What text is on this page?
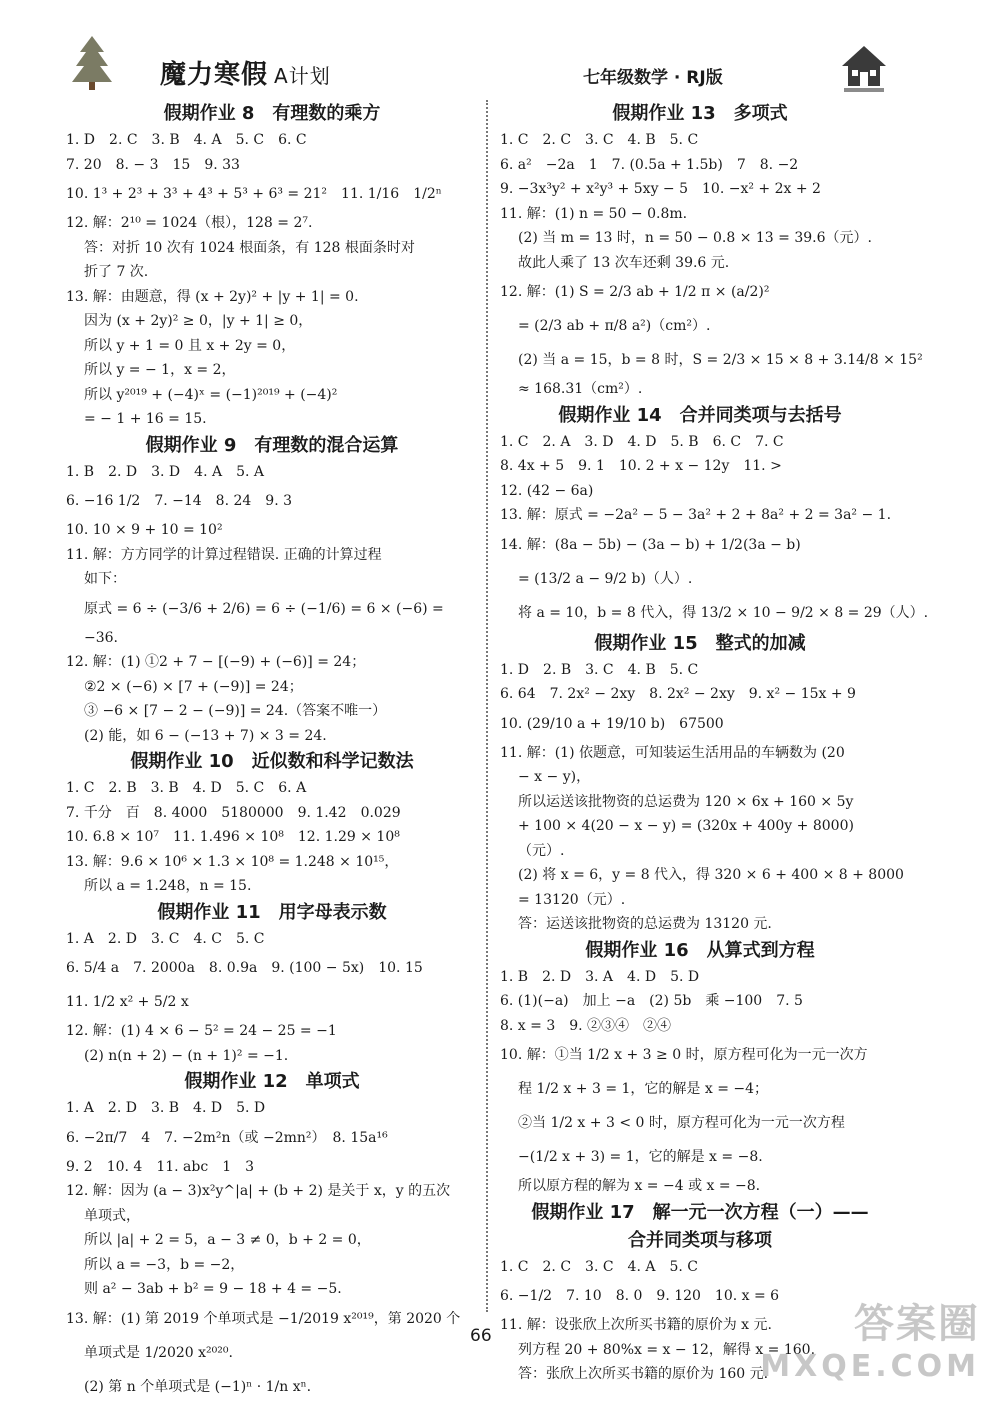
魔力寒假 A计划	七年级数学 · RJ版
假期作业 8　有理数的乘方
1. D　2. C　3. B　4. A　5. C　6. C
7. 20　8. − 3　15　9. 33
10. 1³ + 2³ + 3³ + 4³ + 5³ + 6³ = 21²　11. 1/16　1/2ⁿ
12. 解：2¹⁰ = 1024（根），128 = 2⁷.
答：对折 10 次有 1024 根面条，有 128 根面条时对
折了 7 次.
13. 解：由题意，得 (x + 2y)² + |y + 1| = 0.
因为 (x + 2y)² ≥ 0，|y + 1| ≥ 0，
所以 y + 1 = 0 且 x + 2y = 0，
所以 y = − 1，x = 2，
所以 y²⁰¹⁹ + (−4)ˣ = (−1)²⁰¹⁹ + (−4)²
= − 1 + 16 = 15.
假期作业 9　有理数的混合运算
1. B　2. D　3. D　4. A　5. A
6. −16 1/2　7. −14　8. 24　9. 3
10. 10 × 9 + 10 = 10²
11. 解：方方同学的计算过程错误. 正确的计算过程
如下：
原式 = 6 ÷ (−3/6 + 2/6) = 6 ÷ (−1/6) = 6 × (−6) =
−36.
12. 解：(1) ①2 + 7 − [(−9) + (−6)] = 24；
②2 × (−6) × [7 + (−9)] = 24；
③ −6 × [7 − 2 − (−9)] = 24.（答案不唯一）
(2) 能，如 6 − (−13 + 7) × 3 = 24.
假期作业 10　近似数和科学记数法
1. C　2. B　3. B　4. D　5. C　6. A
7. 千分　百　8. 4000　5180000　9. 1.42　0.029
10. 6.8 × 10⁷　11. 1.496 × 10⁸　12. 1.29 × 10⁸
13. 解：9.6 × 10⁶ × 1.3 × 10⁸ = 1.248 × 10¹⁵，
所以 a = 1.248，n = 15.
假期作业 11　用字母表示数
1. A　2. D　3. C　4. C　5. C
6. 5/4 a　7. 2000a　8. 0.9a　9. (100 − 5x)　10. 15
11. 1/2 x² + 5/2 x
12. 解：(1) 4 × 6 − 5² = 24 − 25 = −1
(2) n(n + 2) − (n + 1)² = −1.
假期作业 12　单项式
1. A　2. D　3. B　4. D　5. D
6. −2π/7　4　7. −2m²n（或 −2mn²）　8. 15a¹⁶
9. 2　10. 4　11. abc　1　3
12. 解：因为 (a − 3)x²y^|a| + (b + 2) 是关于 x，y 的五次
单项式，
所以 |a| + 2 = 5，a − 3 ≠ 0，b + 2 = 0，
所以 a = −3，b = −2，
则 a² − 3ab + b² = 9 − 18 + 4 = −5.
13. 解：(1) 第 2019 个单项式是 −1/2019 x²⁰¹⁹，第 2020 个
单项式是 1/2020 x²⁰²⁰.
(2) 第 n 个单项式是 (−1)ⁿ · 1/n xⁿ.
假期作业 13　多项式
1. C　2. C　3. C　4. B　5. C
6. a²　−2a　1　7. (0.5a + 1.5b)　7　8. −2
9. −3x³y² + x²y³ + 5xy − 5　10. −x² + 2x + 2
11. 解：(1) n = 50 − 0.8m.
(2) 当 m = 13 时，n = 50 − 0.8 × 13 = 39.6（元）.
故此人乘了 13 次车还剩 39.6 元.
12. 解：(1) S = 2/3 ab + 1/2 π × (a/2)²
= (2/3 ab + π/8 a²)（cm²）.
(2) 当 a = 15，b = 8 时，S = 2/3 × 15 × 8 + 3.14/8 × 15²
≈ 168.31（cm²）.
假期作业 14　合并同类项与去括号
1. C　2. A　3. D　4. D　5. B　6. C　7. C
8. 4x + 5　9. 1　10. 2 + x − 12y　11. >
12. (42 − 6a)
13. 解：原式 = −2a² − 5 − 3a² + 2 + 8a² + 2 = 3a² − 1.
14. 解：(8a − 5b) − (3a − b) + 1/2(3a − b)
= (13/2 a − 9/2 b)（人）.
将 a = 10，b = 8 代入，得 13/2 × 10 − 9/2 × 8 = 29（人）.
假期作业 15　整式的加减
1. D　2. B　3. C　4. B　5. C
6. 64　7. 2x² − 2xy　8. 2x² − 2xy　9. x² − 15x + 9
10. (29/10 a + 19/10 b)　67500
11. 解：(1) 依题意，可知装运生活用品的车辆数为 (20
− x − y)，
所以运送该批物资的总运费为 120 × 6x + 160 × 5y
+ 100 × 4(20 − x − y) = (320x + 400y + 8000)
（元）.
(2) 将 x = 6，y = 8 代入，得 320 × 6 + 400 × 8 + 8000
= 13120（元）.
答：运送该批物资的总运费为 13120 元.
假期作业 16　从算式到方程
1. B　2. D　3. A　4. D　5. D
6. (1)(−a)　加上 −a　(2) 5b　乘 −100　7. 5
8. x = 3　9. ②③④　②④
10. 解：①当 1/2 x + 3 ≥ 0 时，原方程可化为一元一次方
程 1/2 x + 3 = 1，它的解是 x = −4；
②当 1/2 x + 3 < 0 时，原方程可化为一元一次方程
−(1/2 x + 3) = 1，它的解是 x = −8.
所以原方程的解为 x = −4 或 x = −8.
假期作业 17　解一元一次方程（一）——
合并同类项与移项
1. C　2. C　3. C　4. A　5. C
6. −1/2　7. 10　8. 0　9. 120　10. x = 6
11. 解：设张欣上次所买书籍的原价为 x 元.
列方程 20 + 80%x = x − 12，解得 x = 160.
答：张欣上次所买书籍的原价为 160 元.
66	答案圈
MXQE.COM
